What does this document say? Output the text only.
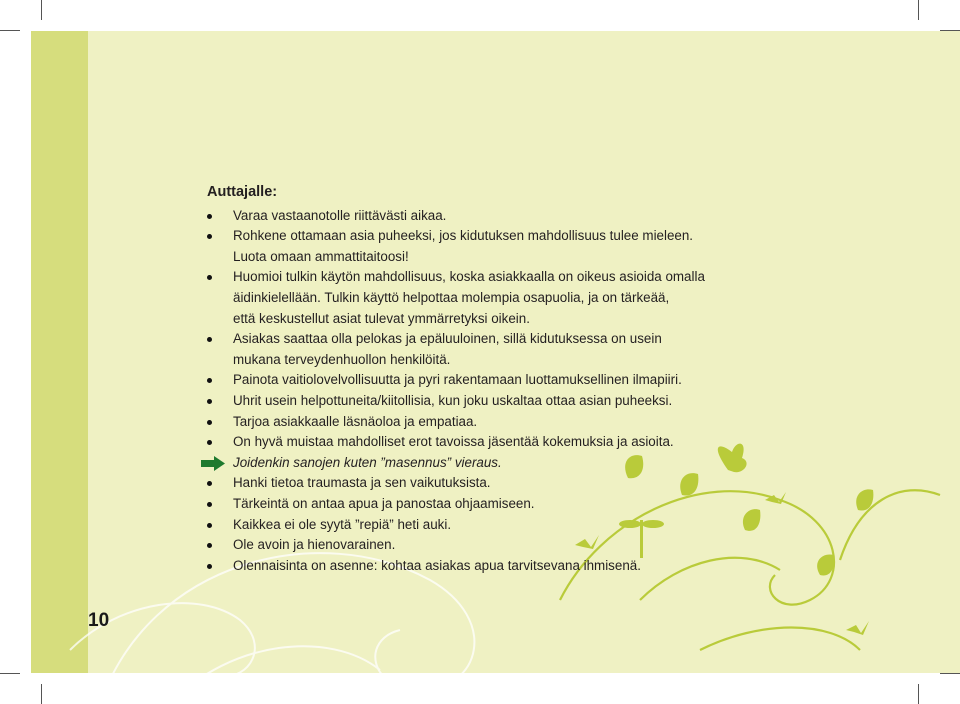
10
Auttajalle:
Varaa vastaanotolle riittävästi aikaa.
Rohkene ottamaan asia puheeksi, jos kidutuksen mahdollisuus tulee mieleen.
Luota omaan ammattitaitoosi!
Huomioi tulkin käytön mahdollisuus, koska asiakkaalla on oikeus asioida omalla
äidinkielellään. Tulkin käyttö helpottaa molempia osapuolia, ja on tärkeää,
että keskustellut asiat tulevat ymmärretyksi oikein.
Asiakas saattaa olla pelokas ja epäluuloinen, sillä kidutuksessa on usein
mukana terveydenhuollon henkilöitä.
Painota vaitiolovelvollisuutta ja pyri rakentamaan luottamuksellinen ilmapiiri.
Uhrit usein helpottuneita/kiitollisia, kun joku uskaltaa ottaa asian puheeksi.
Tarjoa asiakkaalle läsnäoloa ja empatiaa.
On hyvä muistaa mahdolliset erot tavoissa jäsentää kokemuksia ja asioita.
Joidenkin sanojen kuten ”masennus” vieraus.
Hanki tietoa traumasta ja sen vaikutuksista.
Tärkeintä on antaa apua ja panostaa ohjaamiseen.
Kaikkea ei ole syytä ”repiä” heti auki.
Ole avoin ja hienovarainen.
Olennaisinta on asenne: kohtaa asiakas apua tarvitsevana ihmisenä.
